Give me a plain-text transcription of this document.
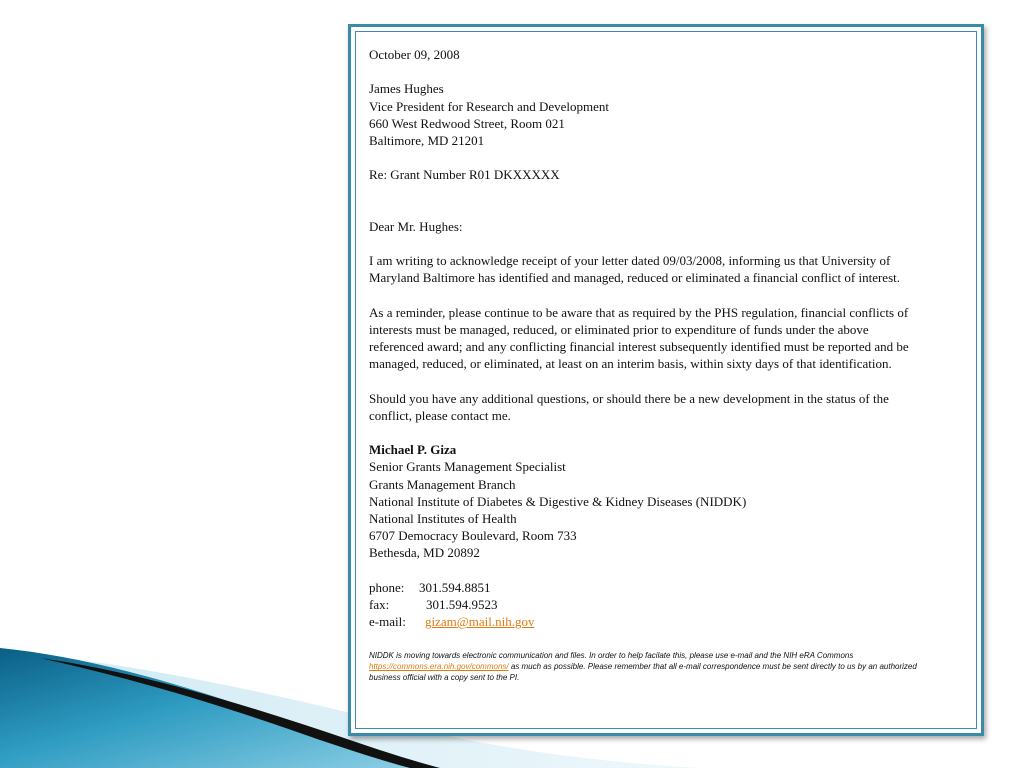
October 09, 2008
James Hughes
Vice President for Research and Development
660 West Redwood Street, Room 021
Baltimore, MD 21201
Re: Grant Number R01 DKXXXXX
Dear Mr. Hughes:
I am writing to acknowledge receipt of your letter dated 09/03/2008, informing us that University of
Maryland Baltimore has identified and managed, reduced or eliminated a financial conflict of interest.
As a reminder, please continue to be aware that as required by the PHS regulation, financial conflicts of
interests must be managed, reduced, or eliminated prior to expenditure of funds under the above
referenced award; and any conflicting financial interest subsequently identified must be reported and be
managed, reduced, or eliminated, at least on an interim basis, within sixty days of that identification.
Should you have any additional questions, or should there be a new development in the status of the
conflict, please contact me.
Michael P. Giza
Senior Grants Management Specialist
Grants Management Branch
National Institute of Diabetes & Digestive & Kidney Diseases (NIDDK)
National Institutes of Health
6707 Democracy Boulevard, Room 733
Bethesda, MD 20892
phone: 301.594.8851
fax:	301.594.9523
e-mail: gizam@mail.nih.gov
NIDDK is moving towards electronic communication and files. In order to help facilate this, please use e-mail and the NIH eRA Commons
https://commons.era.nih.gov/commons/ as much as possible. Please remember that all e-mail correspondence must be sent directly to us by an authorized
business official with a copy sent to the PI.
